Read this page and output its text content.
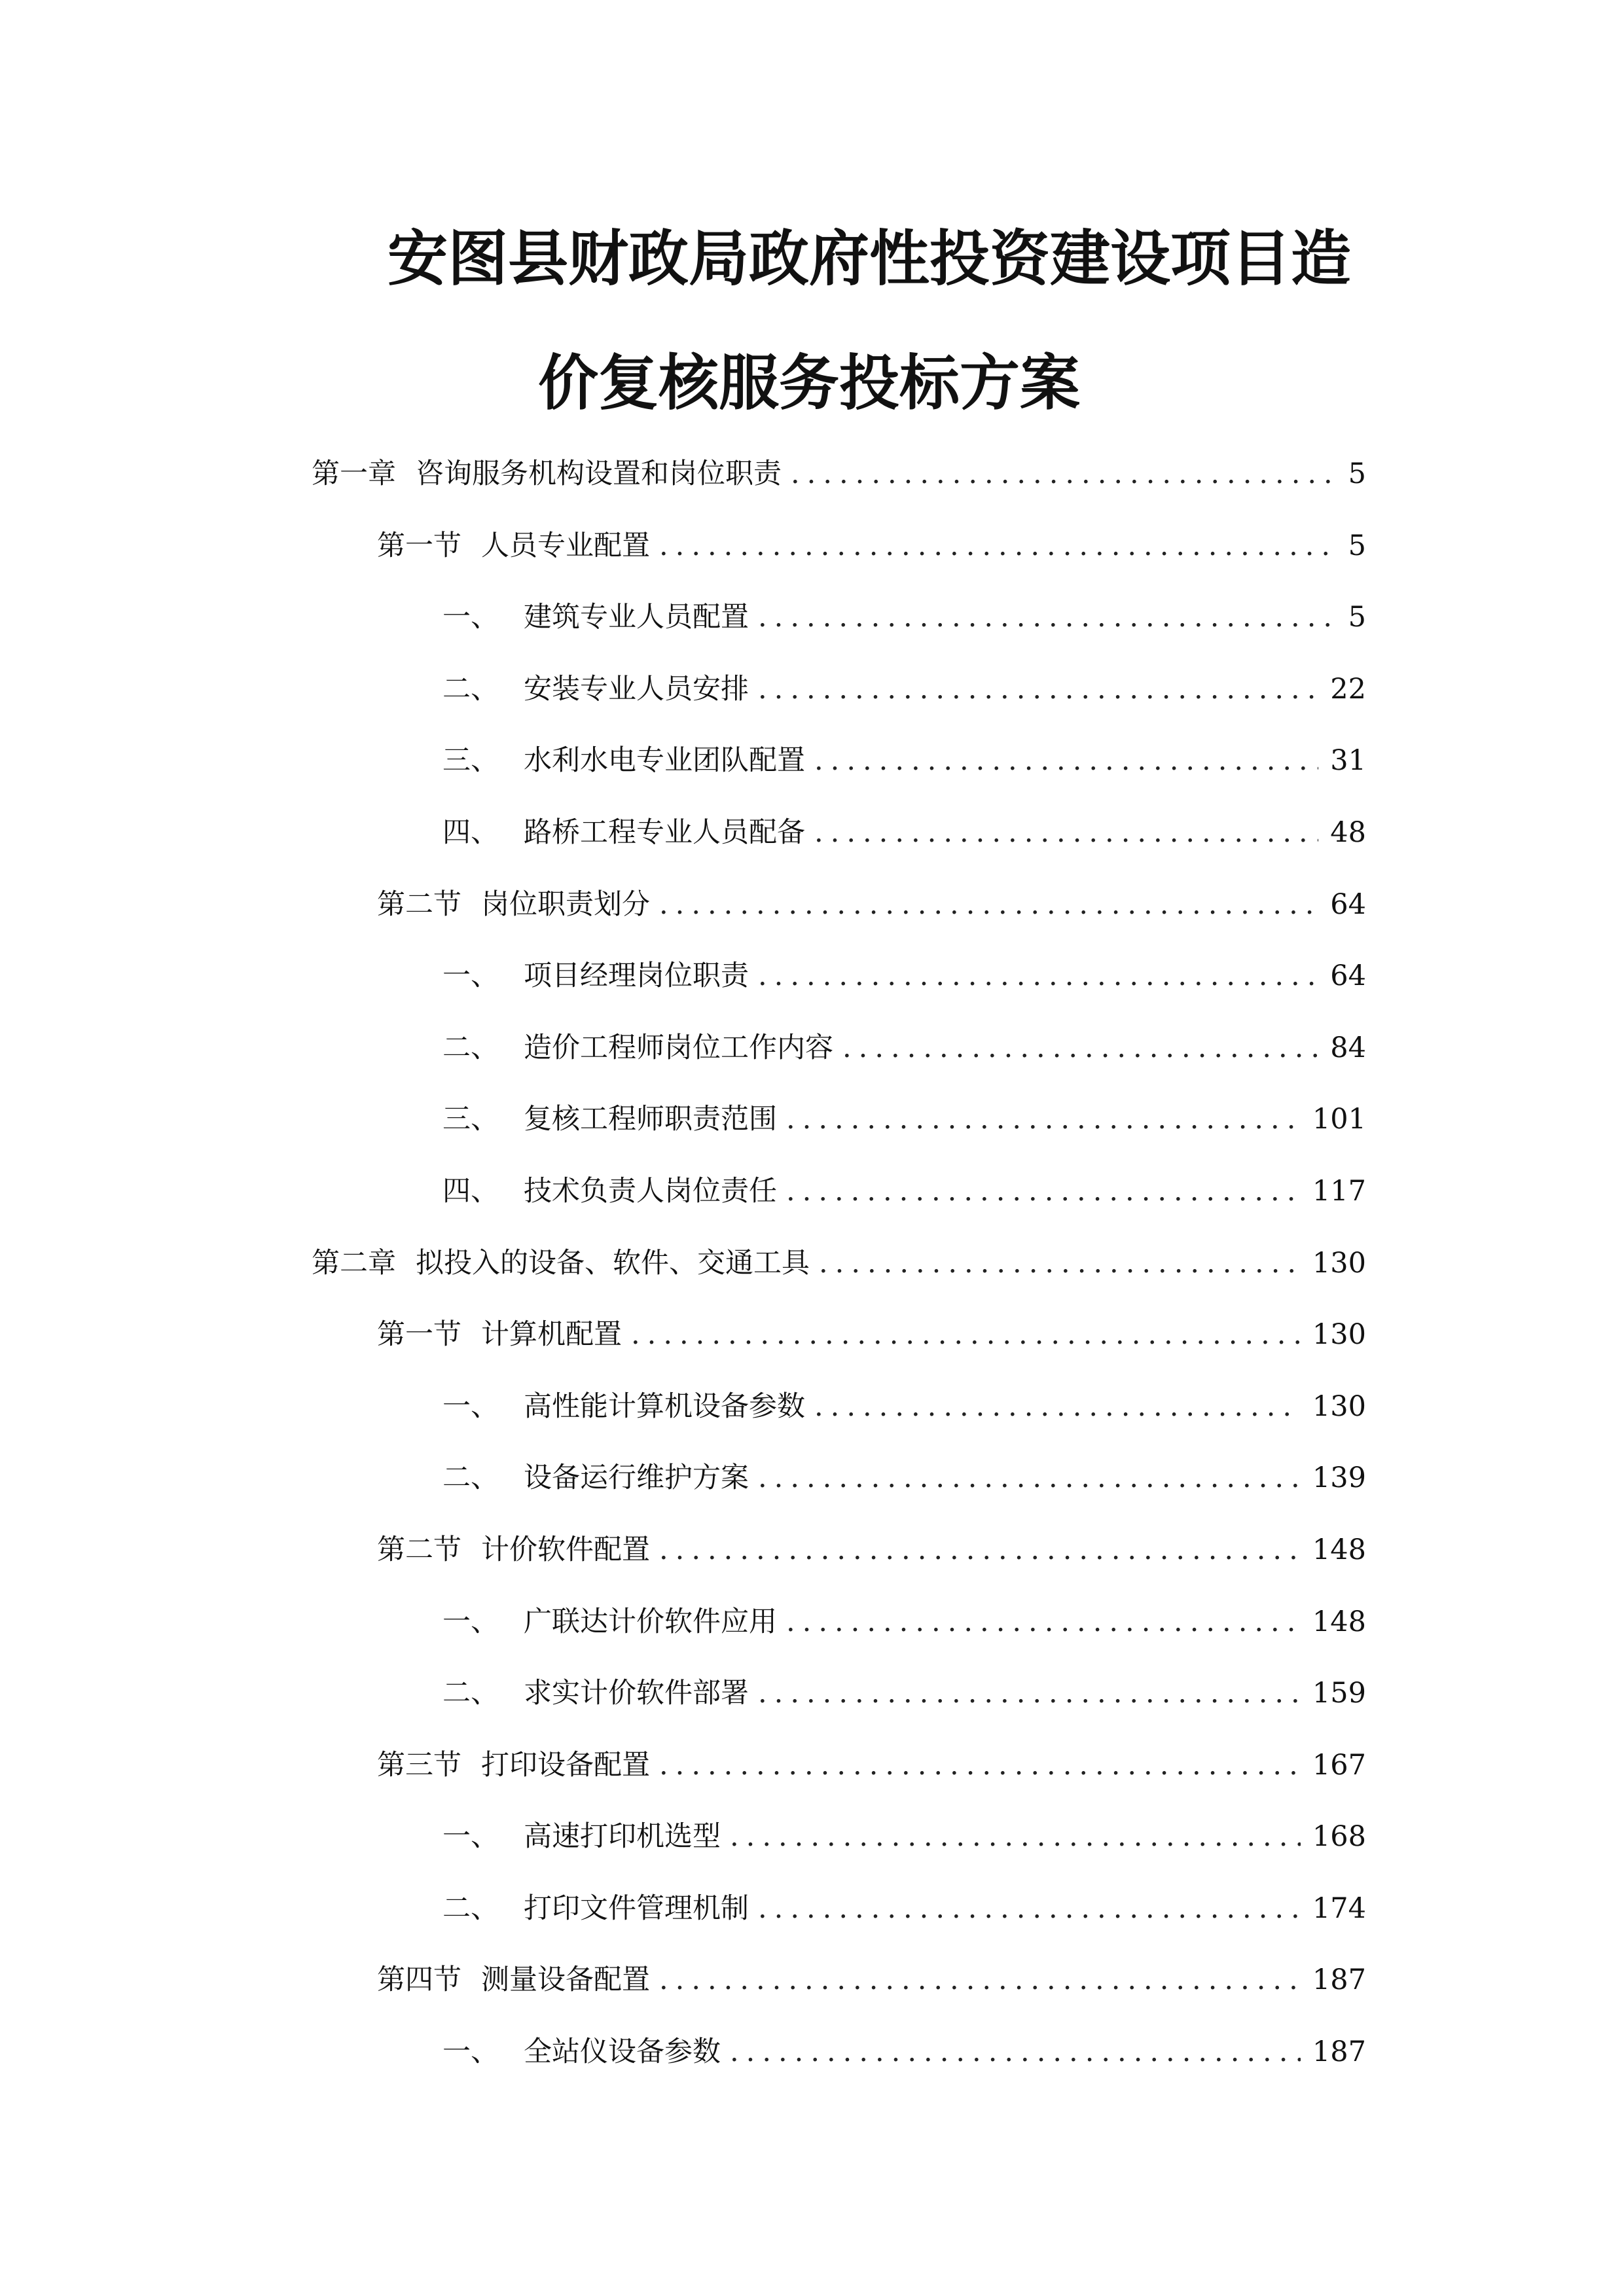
安图县财政局政府性投资建设项目造
价复核服务投标方案
第一章 咨询服务机构设置和岗位职责 .....	5
第一节 人员专业配置 .....	5
一、 建筑专业人员配置 .....	5
二、 安装专业人员安排 .....	22
三、 水利水电专业团队配置 .....	31
四、 路桥工程专业人员配备 .....	48
第二节 岗位职责划分 .....	64
一、 项目经理岗位职责 .....	64
二、 造价工程师岗位工作内容 .....	84
三、 复核工程师职责范围 .....	101
四、 技术负责人岗位责任 .....	117
第二章 拟投入的设备、软件、交通工具 .....	130
第一节 计算机配置 .....	130
一、 高性能计算机设备参数 .....	130
二、 设备运行维护方案 .....	139
第二节 计价软件配置 .....	148
一、 广联达计价软件应用 .....	148
二、 求实计价软件部署 .....	159
第三节 打印设备配置 .....	167
一、 高速打印机选型 .....	168
二、 打印文件管理机制 .....	174
第四节 测量设备配置 .....	187
一、 全站仪设备参数 .....	187
